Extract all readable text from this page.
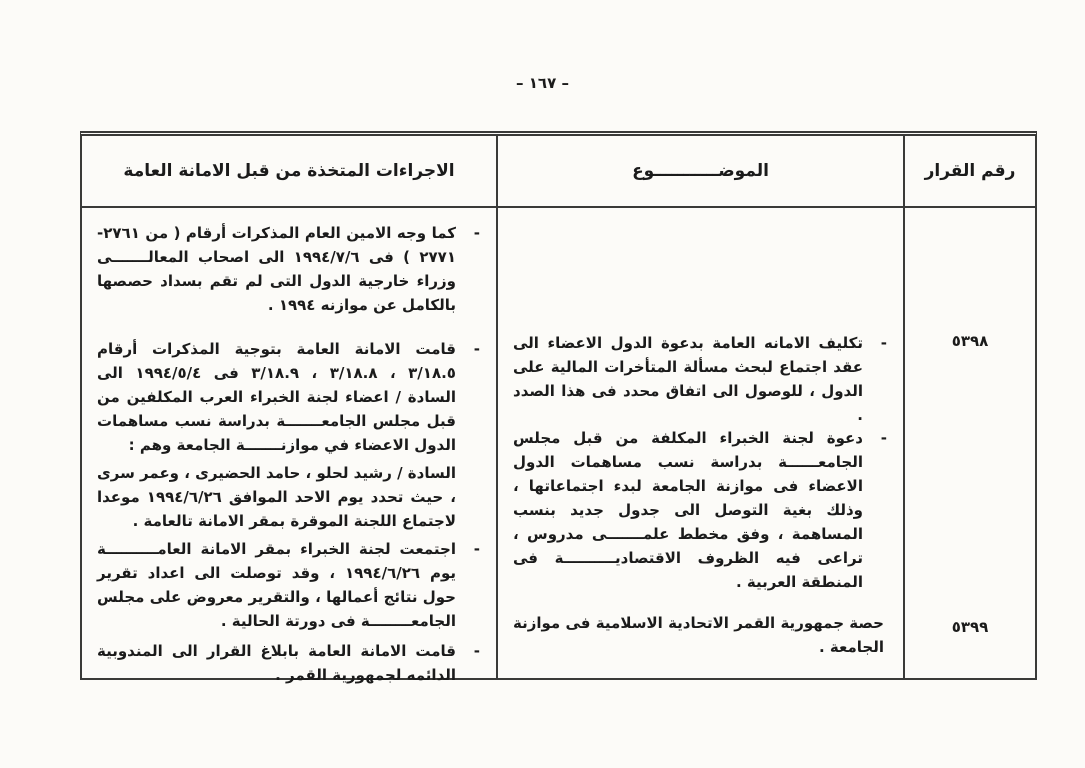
– ١٦٧ –
رقم القرار
الموضـــــــــــوع
الاجراءات المتخذة من قبل الامانة العامة
٥٣٩٨
٥٣٩٩
-
تكليف الامانه العامة بدعوة الدول الاعضاء الى عقد اجتماع لبحث مسألة المتأخرات المالية على الدول ، للوصول الى اتفاق محدد فى هذا الصدد .
-
دعوة لجنة الخبراء المكلفة من قبل مجلس الجامعــــــة بدراسة نسب مساهمات الدول الاعضاء فى موازنة الجامعة لبدء اجتماعاتها ، وذلك بغية التوصل الى جدول جديد بنسب المساهمة ، وفق مخطط علمـــــــى مدروس ، تراعى فيه الظروف الاقتصاديــــــــــة فى المنطقة العربية .
حصة جمهورية القمر الاتحادية الاسلامية فى موازنة الجامعة .
-
كما وجه الامين العام المذكرات أرقام ( من ٢٧٦١- ٢٧٧١ ) فى ١٩٩٤/٧/٦ الى اصحاب المعالـــــــى وزراء خارجية الدول التى لم تقم بسداد حصصها بالكامل عن موازنه ١٩٩٤ .
-
قامت الامانة العامة بتوجية المذكرات أرقام ٣/١٨.٥ ، ٣/١٨.٨ ، ٣/١٨.٩ فى ١٩٩٤/٥/٤ الى السادة / اعضاء لجنة الخبراء العرب المكلفين من قبل مجلس الجامعـــــــة بدراسة نسب مساهمات الدول الاعضاء في موازنـــــــة الجامعة وهم :
السادة / رشيد لحلو ، حامد الحضيرى ، وعمر سرى ، حيث تحدد يوم الاحد الموافق ١٩٩٤/٦/٢٦ موعدا لاجتماع اللجنة الموقرة بمقر الامانة تالعامة .
-
اجتمعت لجنة الخبراء بمقر الامانة العامــــــــــة يوم ١٩٩٤/٦/٢٦ ، وقد توصلت الى اعداد تقرير حول نتائج أعمالها ، والتقرير معروض على مجلس الجامعــــــــة فى دورتة الحالية .
-
قامت الامانة العامة بابلاغ القرار الى المندوبية الدائمه لجمهورية القمر .
